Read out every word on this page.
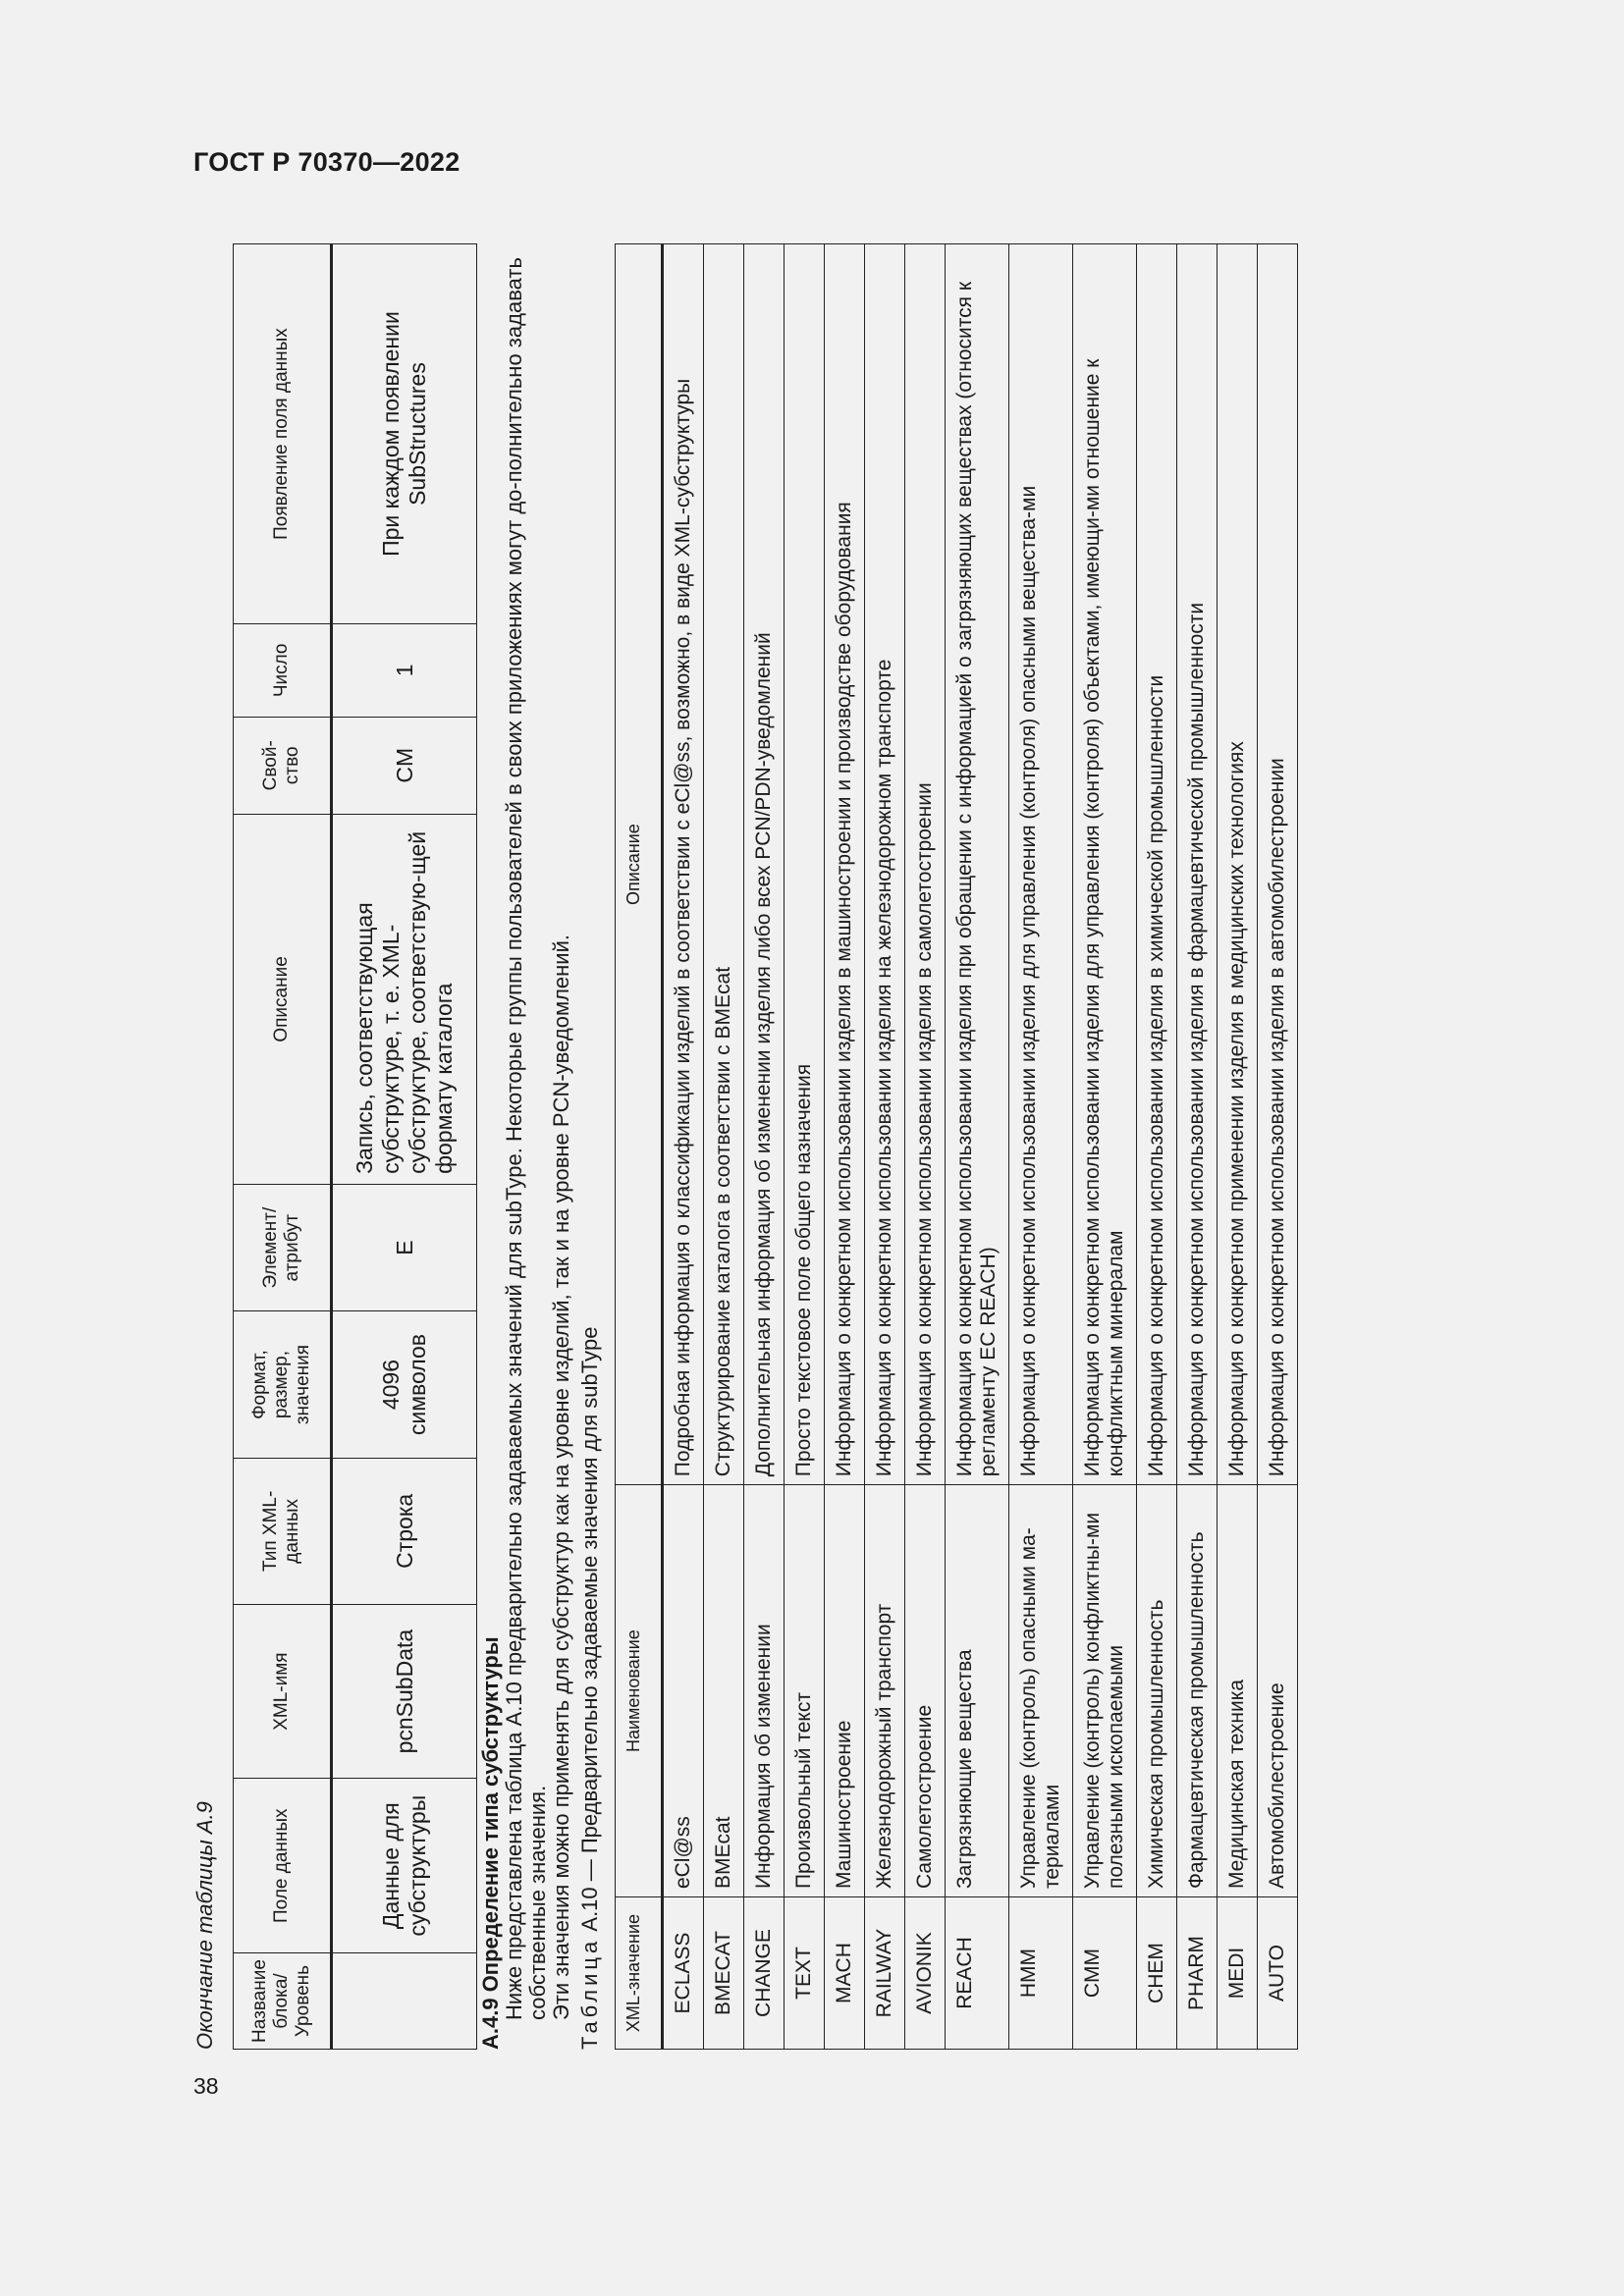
ГОСТ Р 70370—2022
38
Окончание таблицы А.9 Название блока/ Уровень	Поле данных	XML-имя	Тип XML-данных	Формат, размер, значения	Элемент/ атрибут	Описание	Свой-ство	Число	Появление поля данных
	Данные для субструктуры	pcnSubData	Строка	4096 символов	E	Запись, соответствующая субструктуре, т. е. XML-субструктуре, соответствую-щей формату каталога	CM	1	При каждом появлении SubStructures

А.4.9 Определение типа субструктуры Ниже представлена таблица А.10 предварительно задаваемых значений для subType. Некоторые группы пользователей в своих приложениях могут до-полнительно задавать собственные значения. Эти значения можно применять для субструктур как на уровне изделий, так и на уровне PCN-уведомлений. Таблица А.10 — Предварительно задаваемые значения для subType
XML-значение	Наименование	Описание
ECLASS	eCl@ss	Подробная информация о классификации изделий в соответствии с eCl@ss, возможно, в виде XML-субструктуры
BMECAT	BMEcat	Структурирование каталога в соответствии с BMEcat
CHANGE	Информация об изменении	Дополнительная информация об изменении изделия либо всех PCN/PDN-уведомлений
TEXT	Произвольный текст	Просто текстовое поле общего назначения
MACH	Машиностроение	Информация о конкретном использовании изделия в машиностроении и производстве оборудования
RAILWAY	Железнодорожный транспорт	Информация о конкретном использовании изделия на железнодорожном транспорте
AVIONIK	Самолетостроение	Информация о конкретном использовании изделия в самолетостроении
REACH	Загрязняющие вещества	Информация о конкретном использовании изделия при обращении с информацией о загрязняющих веществах (относится к регламенту EC REACH)
HMM	Управление (контроль) опасными ма-териалами	Информация о конкретном использовании изделия для управления (контроля) опасными вещества-ми
CMM	Управление (контроль) конфликтны-ми полезными ископаемыми	Информация о конкретном использовании изделия для управления (контроля) объектами, имеющи-ми отношение к конфликтным минералам
CHEM	Химическая промышленность	Информация о конкретном использовании изделия в химической промышленности
PHARM	Фармацевтическая промышленность	Информация о конкретном использовании изделия в фармацевтической промышленности
MEDI	Медицинская техника	Информация о конкретном применении изделия в медицинских технологиях
AUTO	Автомобилестроение	Информация о конкретном использовании изделия в автомобилестроении
